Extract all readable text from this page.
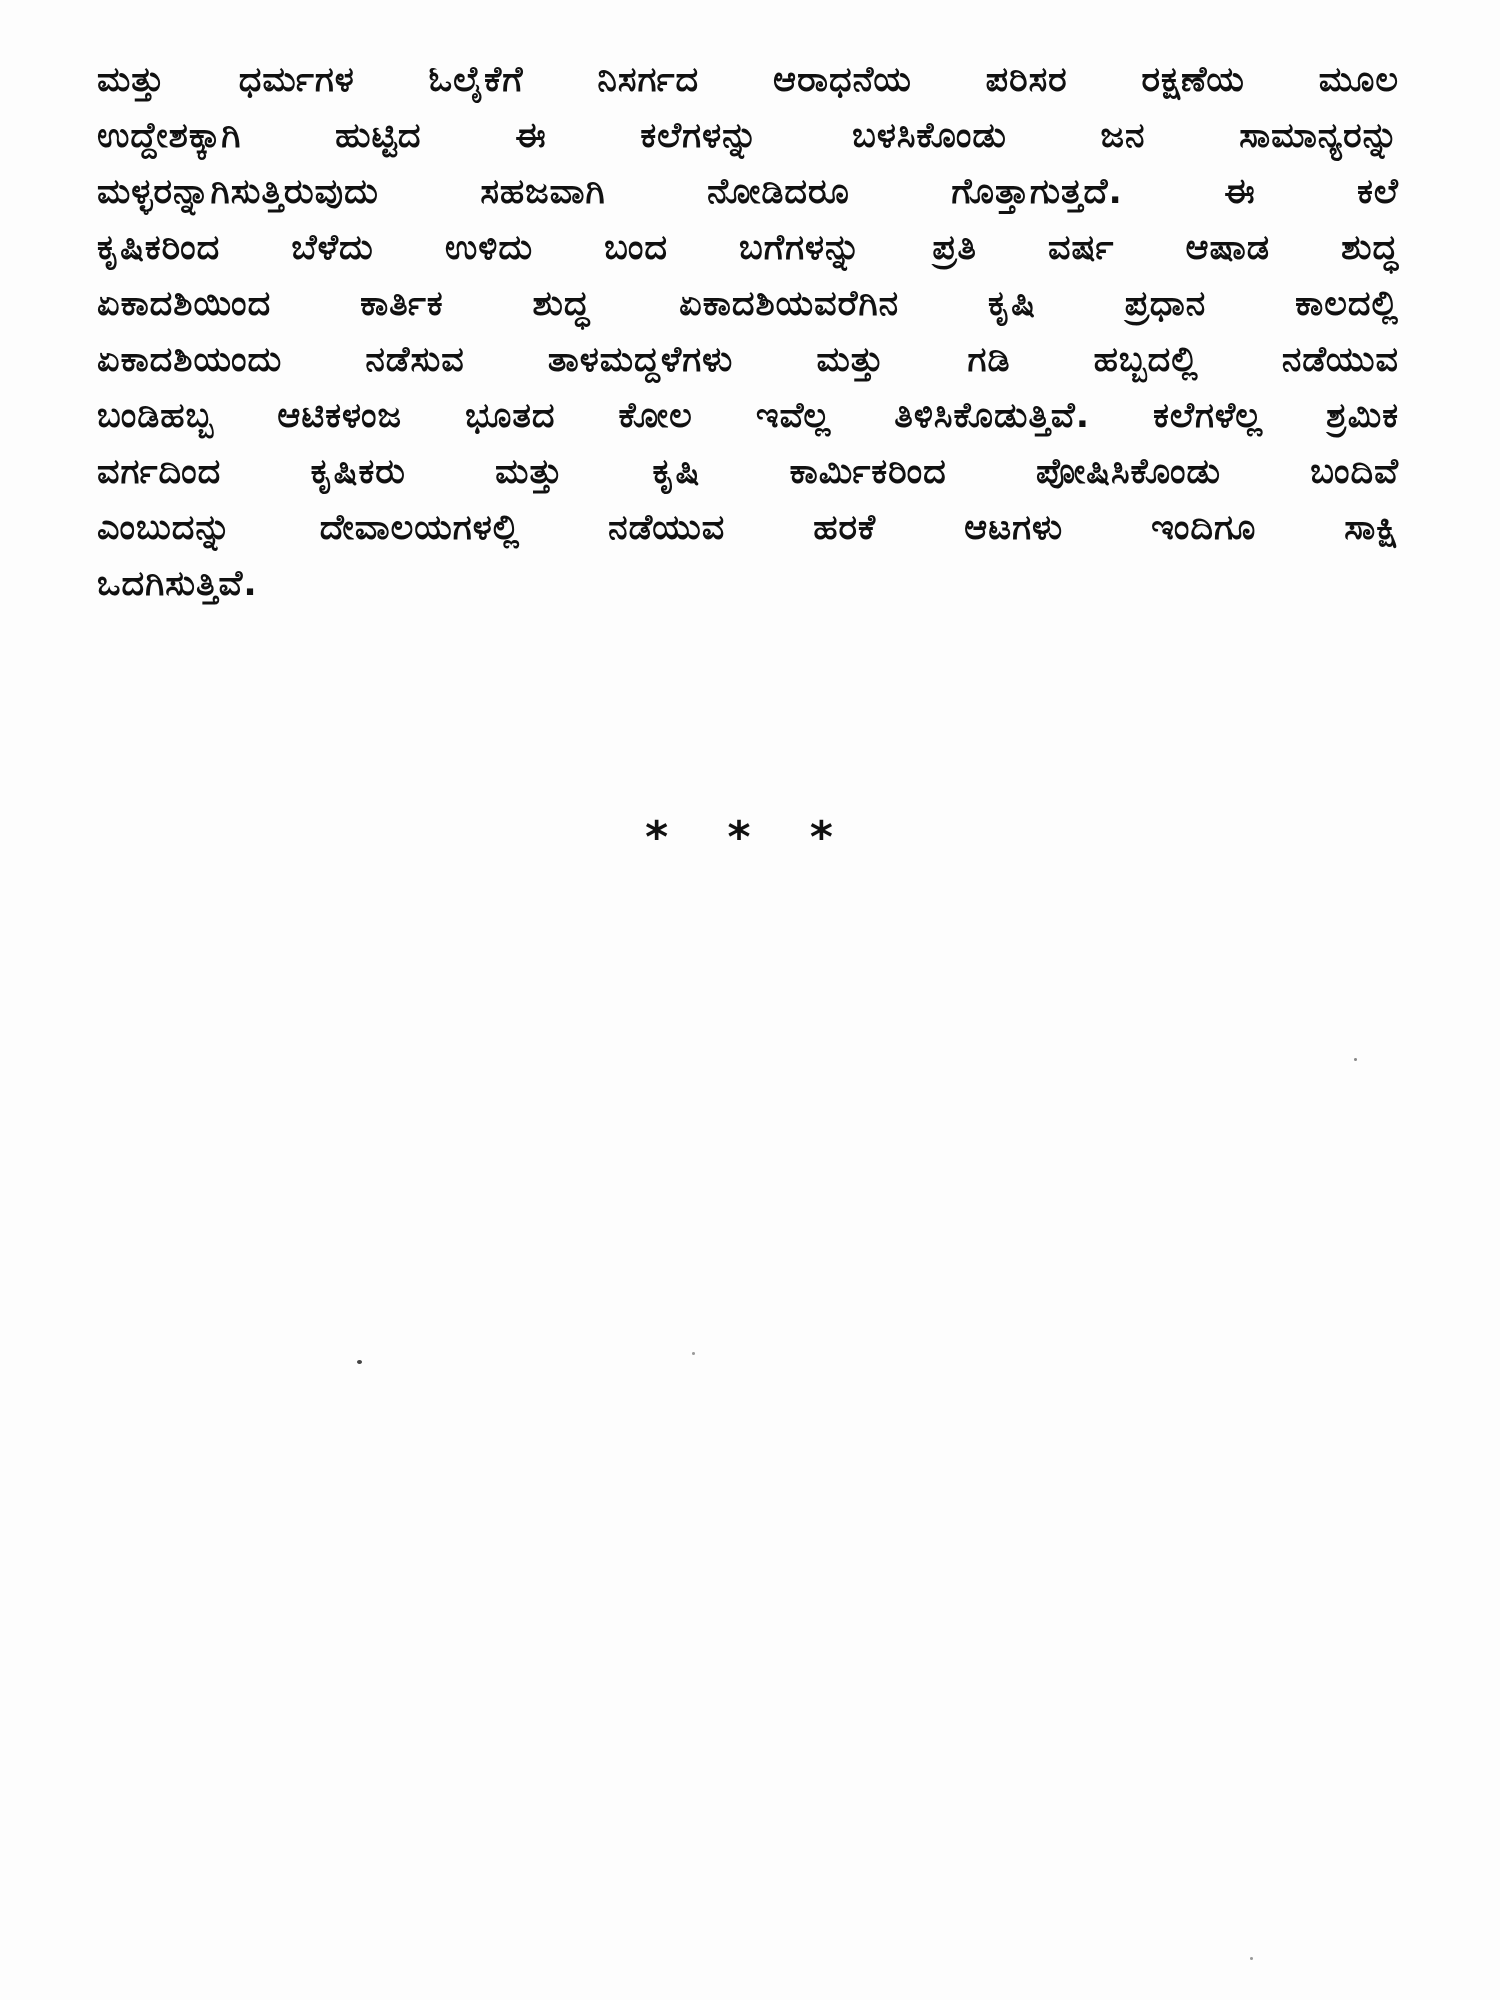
ಮತ್ತು ಧರ್ಮಗಳ ಓಲೈಕೆಗೆ ನಿಸರ್ಗದ ಆರಾಧನೆಯ ಪರಿಸರ ರಕ್ಷಣೆಯ ಮೂಲ
ಉದ್ದೇಶಕ್ಕಾಗಿ	ಹುಟ್ಟಿದ	ಈ	ಕಲೆಗಳನ್ನು	ಬಳಸಿಕೊಂಡು	ಜನ	ಸಾಮಾನ್ಯರನ್ನು
ಮಳ್ಳರನ್ನಾಗಿಸುತ್ತಿರುವುದು	ಸಹಜವಾಗಿ	ನೋಡಿದರೂ	ಗೊತ್ತಾಗುತ್ತದೆ.	ಈ	ಕಲೆ
ಕೃಷಿಕರಿಂದ ಬೆಳೆದು ಉಳಿದು ಬಂದ ಬಗೆಗಳನ್ನು ಪ್ರತಿ ವರ್ಷ ಆಷಾಡ ಶುದ್ಧ
ಏಕಾದಶಿಯಿಂದ	ಕಾರ್ತಿಕ	ಶುದ್ಧ	ಏಕಾದಶಿಯವರೆಗಿನ	ಕೃಷಿ	ಪ್ರಧಾನ	ಕಾಲದಲ್ಲಿ
ಏಕಾದಶಿಯಂದು ನಡೆಸುವ ತಾಳಮದ್ದಳೆಗಳು ಮತ್ತು ಗಡಿ ಹಬ್ಬದಲ್ಲಿ ನಡೆಯುವ
ಬಂಡಿಹಬ್ಬ ಆಟಿಕಳಂಜ ಭೂತದ ಕೋಲ ಇವೆಲ್ಲ ತಿಳಿಸಿಕೊಡುತ್ತಿವೆ. ಕಲೆಗಳೆಲ್ಲ ಶ್ರಮಿಕ
ವರ್ಗದಿಂದ	ಕೃಷಿಕರು	ಮತ್ತು	ಕೃಷಿ	ಕಾರ್ಮಿಕರಿಂದ	ಪೋಷಿಸಿಕೊಂಡು	ಬಂದಿವೆ
ಎಂಬುದನ್ನು	ದೇವಾಲಯಗಳಲ್ಲಿ	ನಡೆಯುವ	ಹರಕೆ	ಆಟಗಳು	ಇಂದಿಗೂ	ಸಾಕ್ಷಿ
ಒದಗಿಸುತ್ತಿವೆ.
* * *
